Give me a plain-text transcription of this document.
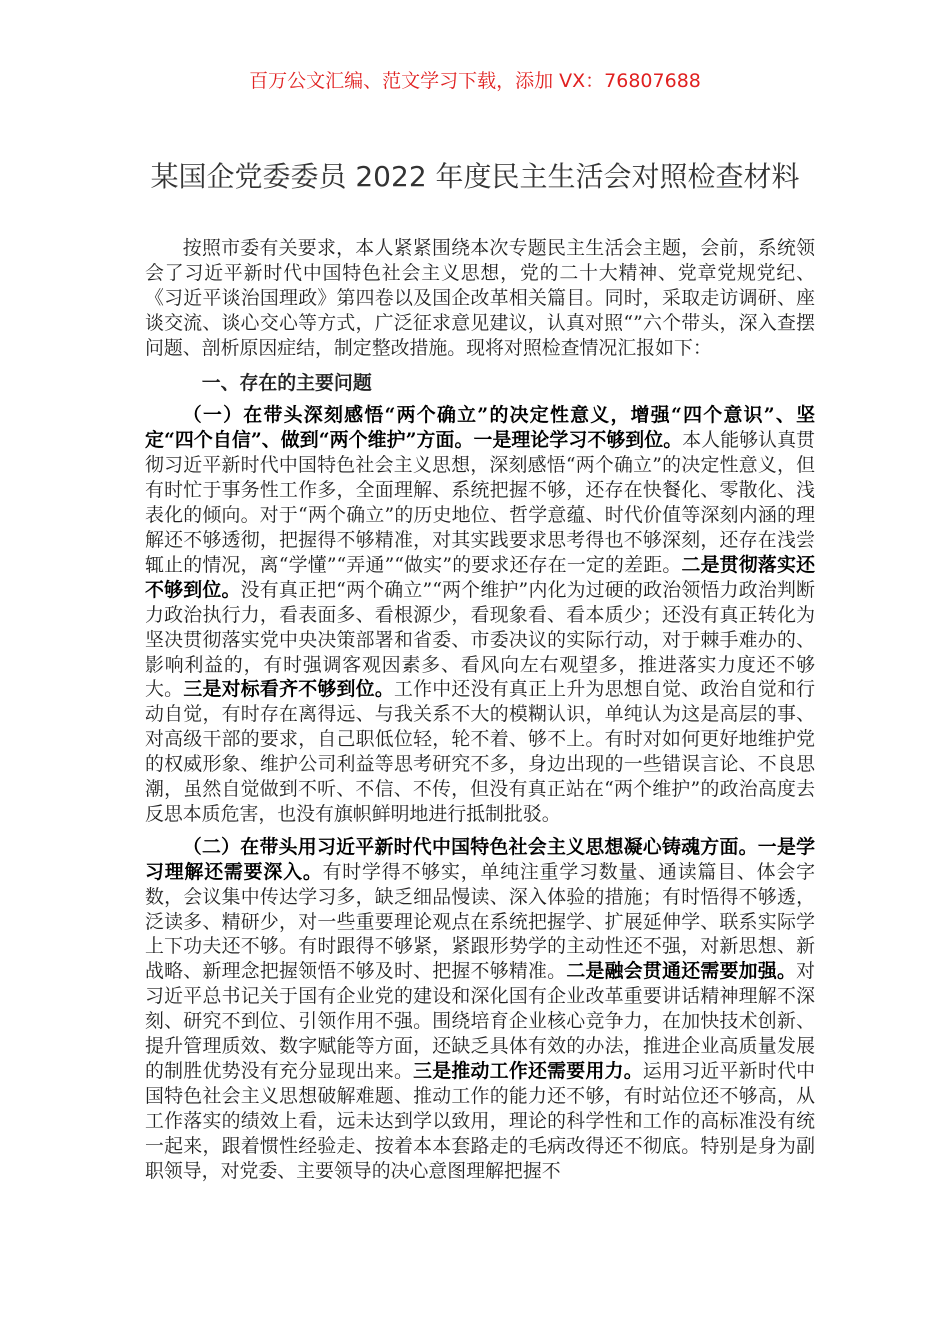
百万公文汇编、范文学习下载，添加 VX：76807688
某国企党委委员 2022 年度民主生活会对照检查材料

按照市委有关要求，本人紧紧围绕本次专题民主生活会主题，会前，系统领会了习近平新时代中国特色社会主义思想，党的二十大精神、党章党规党纪、《习近平谈治国理政》第四卷以及国企改革相关篇目。同时，采取走访调研、座谈交流、谈心交心等方式，广泛征求意见建议，认真对照“”六个带头，深入查摆问题、剖析原因症结，制定整改措施。现将对照检查情况汇报如下：

一、存在的主要问题

（一）在带头深刻感悟“两个确立”的决定性意义，增强“四个意识”、坚定“四个自信”、做到“两个维护”方面。一是理论学习不够到位。本人能够认真贯彻习近平新时代中国特色社会主义思想，深刻感悟“两个确立”的决定性意义，但有时忙于事务性工作多，全面理解、系统把握不够，还存在快餐化、零散化、浅表化的倾向。对于“两个确立”的历史地位、哲学意蕴、时代价值等深刻内涵的理解还不够透彻，把握得不够精准，对其实践要求思考得也不够深刻，还存在浅尝辄止的情况，离“学懂”“弄通”“做实”的要求还存在一定的差距。二是贯彻落实还不够到位。没有真正把“两个确立”“两个维护”内化为过硬的政治领悟力政治判断力政治执行力，看表面多、看根源少，看现象看、看本质少；还没有真正转化为坚决贯彻落实党中央决策部署和省委、市委决议的实际行动，对于棘手难办的、影响利益的，有时强调客观因素多、看风向左右观望多，推进落实力度还不够大。三是对标看齐不够到位。工作中还没有真正上升为思想自觉、政治自觉和行动自觉，有时存在离得远、与我关系不大的模糊认识，单纯认为这是高层的事、对高级干部的要求，自己职低位轻，轮不着、够不上。有时对如何更好地维护党的权威形象、维护公司利益等思考研究不多，身边出现的一些错误言论、不良思潮，虽然自觉做到不听、不信、不传，但没有真正站在“两个维护”的政治高度去反思本质危害，也没有旗帜鲜明地进行抵制批驳。

（二）在带头用习近平新时代中国特色社会主义思想凝心铸魂方面。一是学习理解还需要深入。有时学得不够实，单纯注重学习数量、通读篇目、体会字数，会议集中传达学习多，缺乏细品慢读、深入体验的措施；有时悟得不够透，泛读多、精研少，对一些重要理论观点在系统把握学、扩展延伸学、联系实际学上下功夫还不够。有时跟得不够紧，紧跟形势学的主动性还不强，对新思想、新战略、新理念把握领悟不够及时、把握不够精准。二是融会贯通还需要加强。对习近平总书记关于国有企业党的建设和深化国有企业改革重要讲话精神理解不深刻、研究不到位、引领作用不强。围绕培育企业核心竞争力，在加快技术创新、提升管理质效、数字赋能等方面，还缺乏具体有效的办法，推进企业高质量发展的制胜优势没有充分显现出来。三是推动工作还需要用力。运用习近平新时代中国特色社会主义思想破解难题、推动工作的能力还不够，有时站位还不够高，从工作落实的绩效上看，远未达到学以致用，理论的科学性和工作的高标准没有统一起来，跟着惯性经验走、按着本本套路走的毛病改得还不彻底。特别是身为副职领导，对党委、主要领导的决心意图理解把握不
